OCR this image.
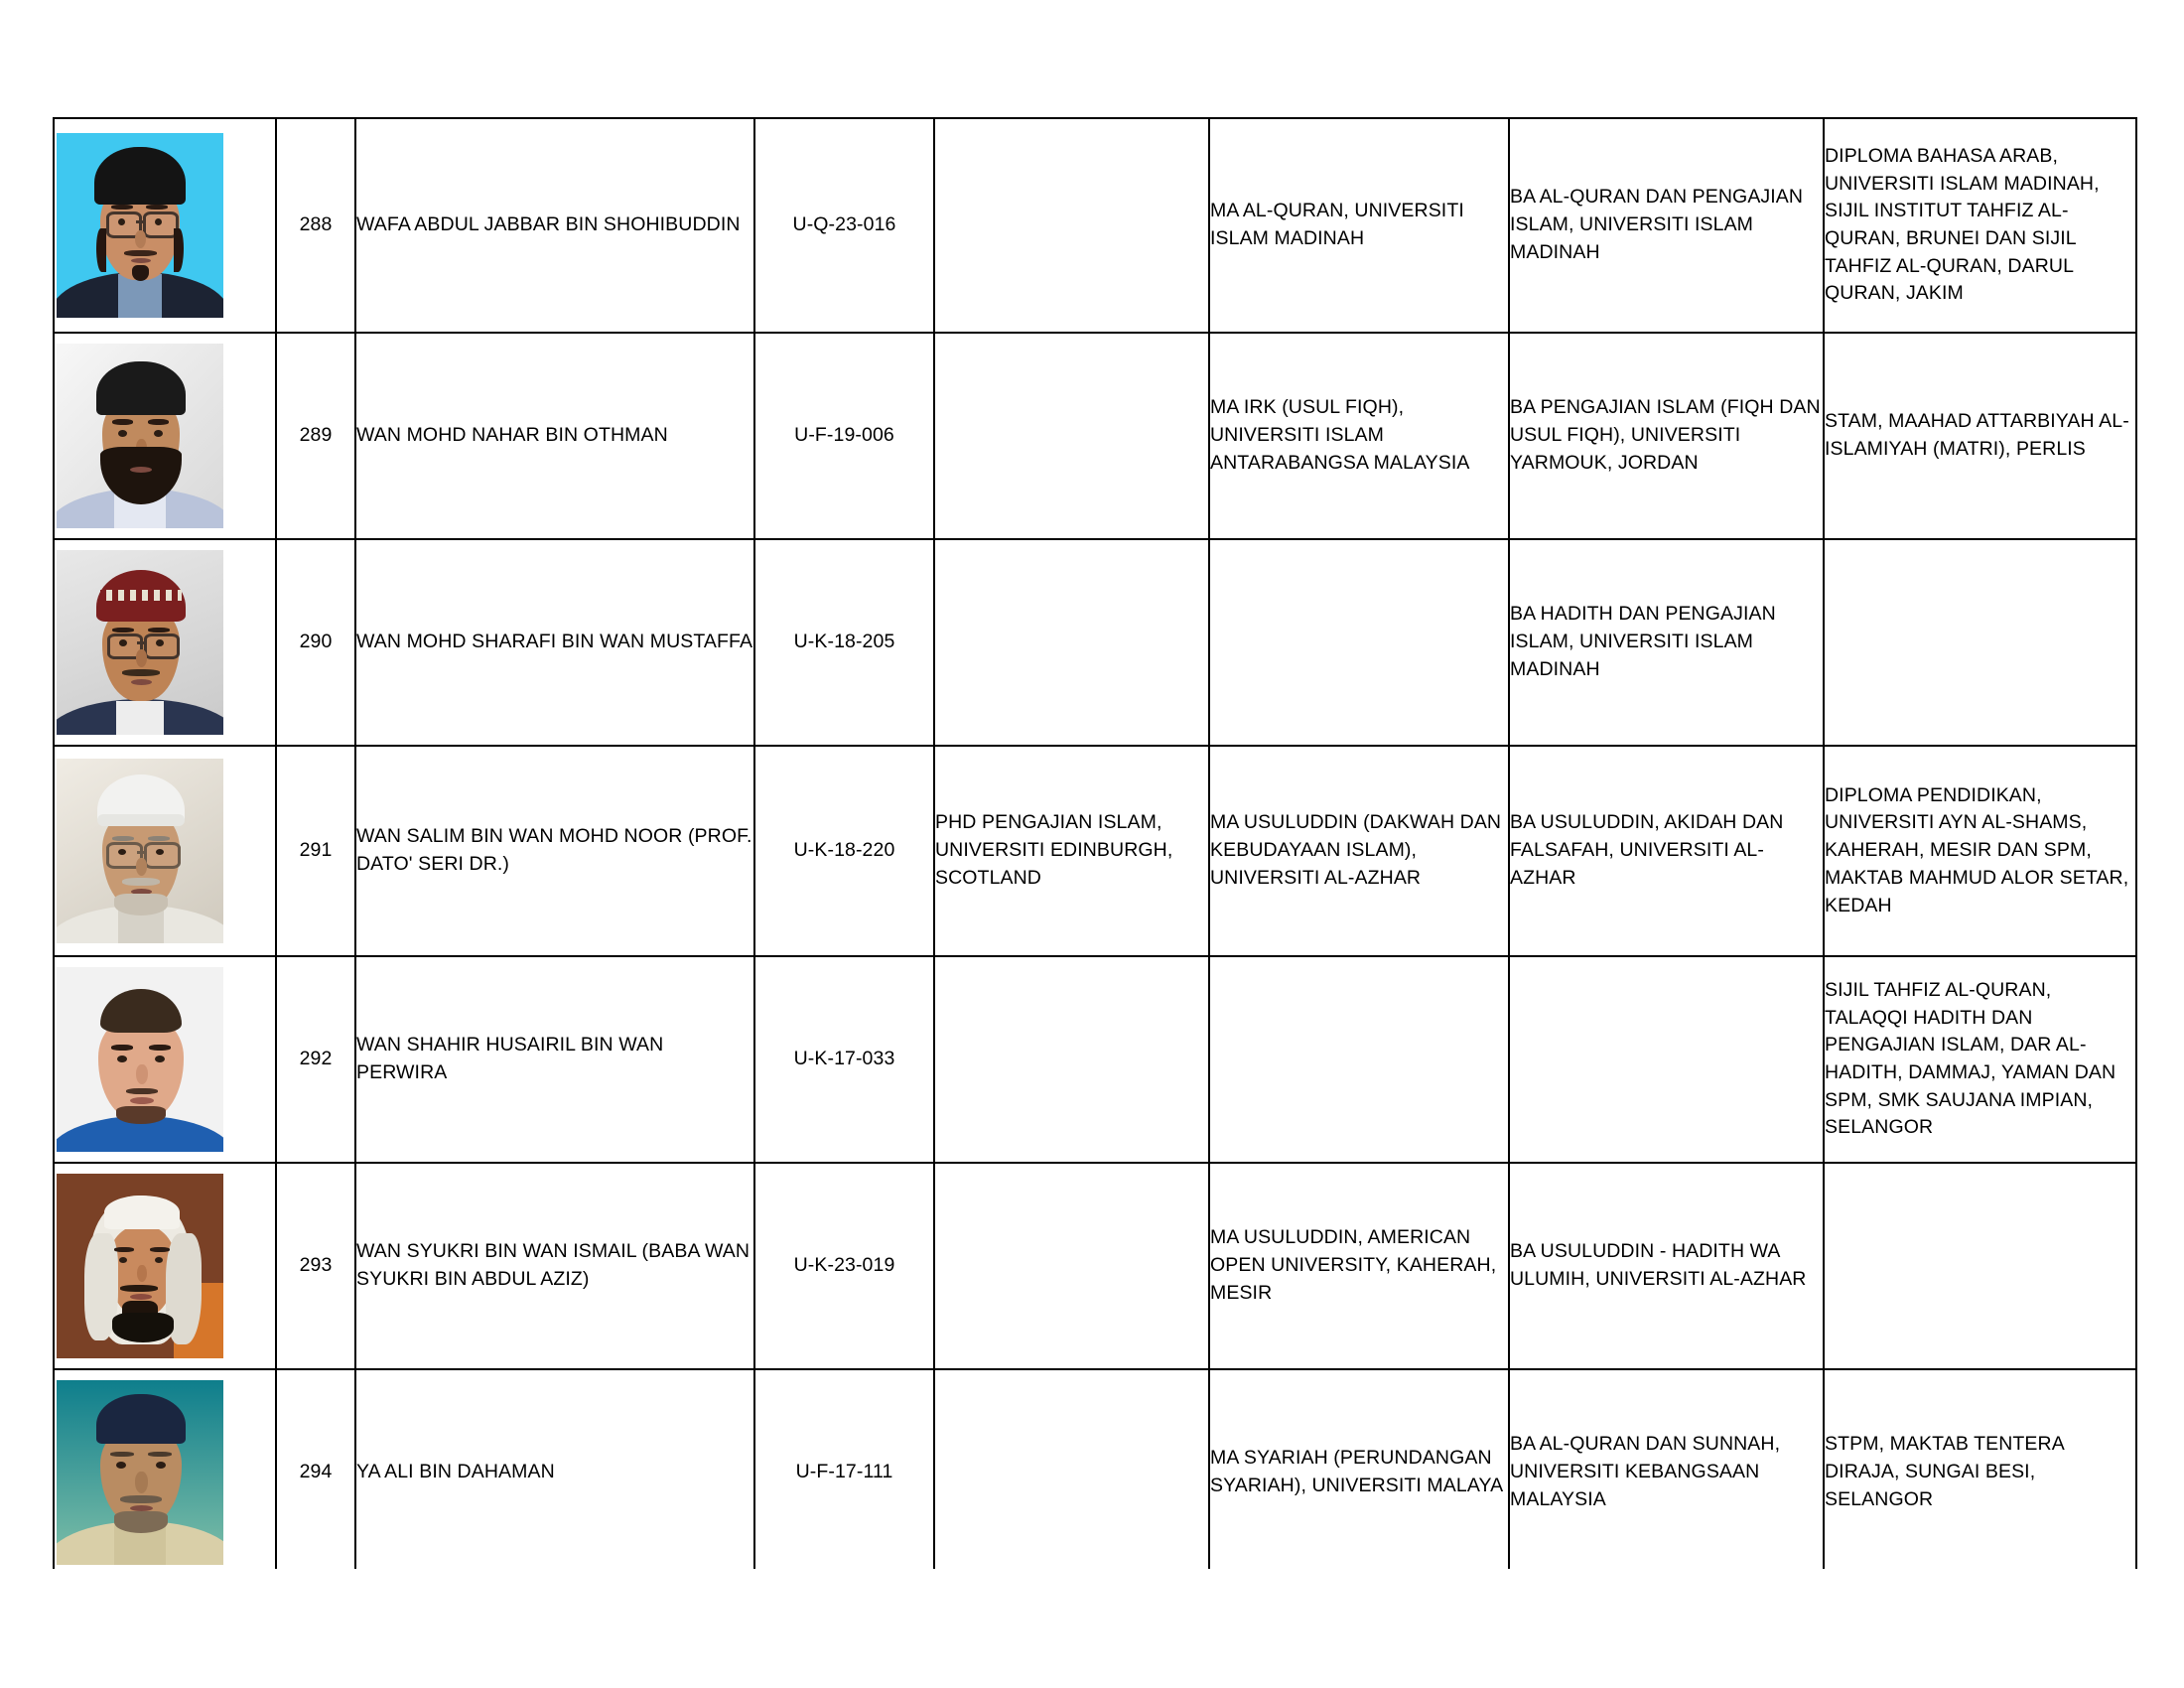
	288	WAFA ABDUL JABBAR BIN SHOHIBUDDIN	U-Q-23-016		MA AL-QURAN, UNIVERSITI ISLAM MADINAH	BA AL-QURAN DAN PENGAJIAN ISLAM, UNIVERSITI ISLAM MADINAH	DIPLOMA BAHASA ARAB, UNIVERSITI ISLAM MADINAH, SIJIL INSTITUT TAHFIZ AL-QURAN, BRUNEI DAN SIJIL TAHFIZ AL-QURAN, DARUL QURAN, JAKIM

	289	WAN MOHD NAHAR BIN OTHMAN	U-F-19-006		MA IRK (USUL FIQH), UNIVERSITI ISLAM ANTARABANGSA MALAYSIA	BA PENGAJIAN ISLAM (FIQH DAN USUL FIQH), UNIVERSITI YARMOUK, JORDAN	STAM, MAAHAD ATTARBIYAH AL-ISLAMIYAH (MATRI), PERLIS

	290	WAN MOHD SHARAFI BIN WAN MUSTAFFA	U-K-18-205			BA HADITH DAN PENGAJIAN ISLAM, UNIVERSITI ISLAM MADINAH	

	291	WAN SALIM BIN WAN MOHD NOOR (PROF. DATO' SERI DR.)	U-K-18-220	PHD PENGAJIAN ISLAM, UNIVERSITI EDINBURGH, SCOTLAND	MA USULUDDIN (DAKWAH DAN KEBUDAYAAN ISLAM), UNIVERSITI AL-AZHAR	BA USULUDDIN, AKIDAH DAN FALSAFAH, UNIVERSITI AL-AZHAR	DIPLOMA PENDIDIKAN, UNIVERSITI AYN AL-SHAMS, KAHERAH, MESIR DAN SPM, MAKTAB MAHMUD ALOR SETAR, KEDAH

	292	WAN SHAHIR HUSAIRIL BIN WAN PERWIRA	U-K-17-033				SIJIL TAHFIZ AL-QURAN, TALAQQI HADITH DAN PENGAJIAN ISLAM, DAR AL-HADITH, DAMMAJ, YAMAN DAN SPM, SMK SAUJANA IMPIAN, SELANGOR

	293	WAN SYUKRI BIN WAN ISMAIL (BABA WAN SYUKRI BIN ABDUL AZIZ)	U-K-23-019		MA USULUDDIN, AMERICAN OPEN UNIVERSITY, KAHERAH, MESIR	BA USULUDDIN - HADITH WA ULUMIH, UNIVERSITI AL-AZHAR	

	294	YA ALI BIN DAHAMAN	U-F-17-111		MA SYARIAH (PERUNDANGAN SYARIAH), UNIVERSITI MALAYA	BA AL-QURAN DAN SUNNAH, UNIVERSITI KEBANGSAAN MALAYSIA	STPM, MAKTAB TENTERA DIRAJA, SUNGAI BESI, SELANGOR
